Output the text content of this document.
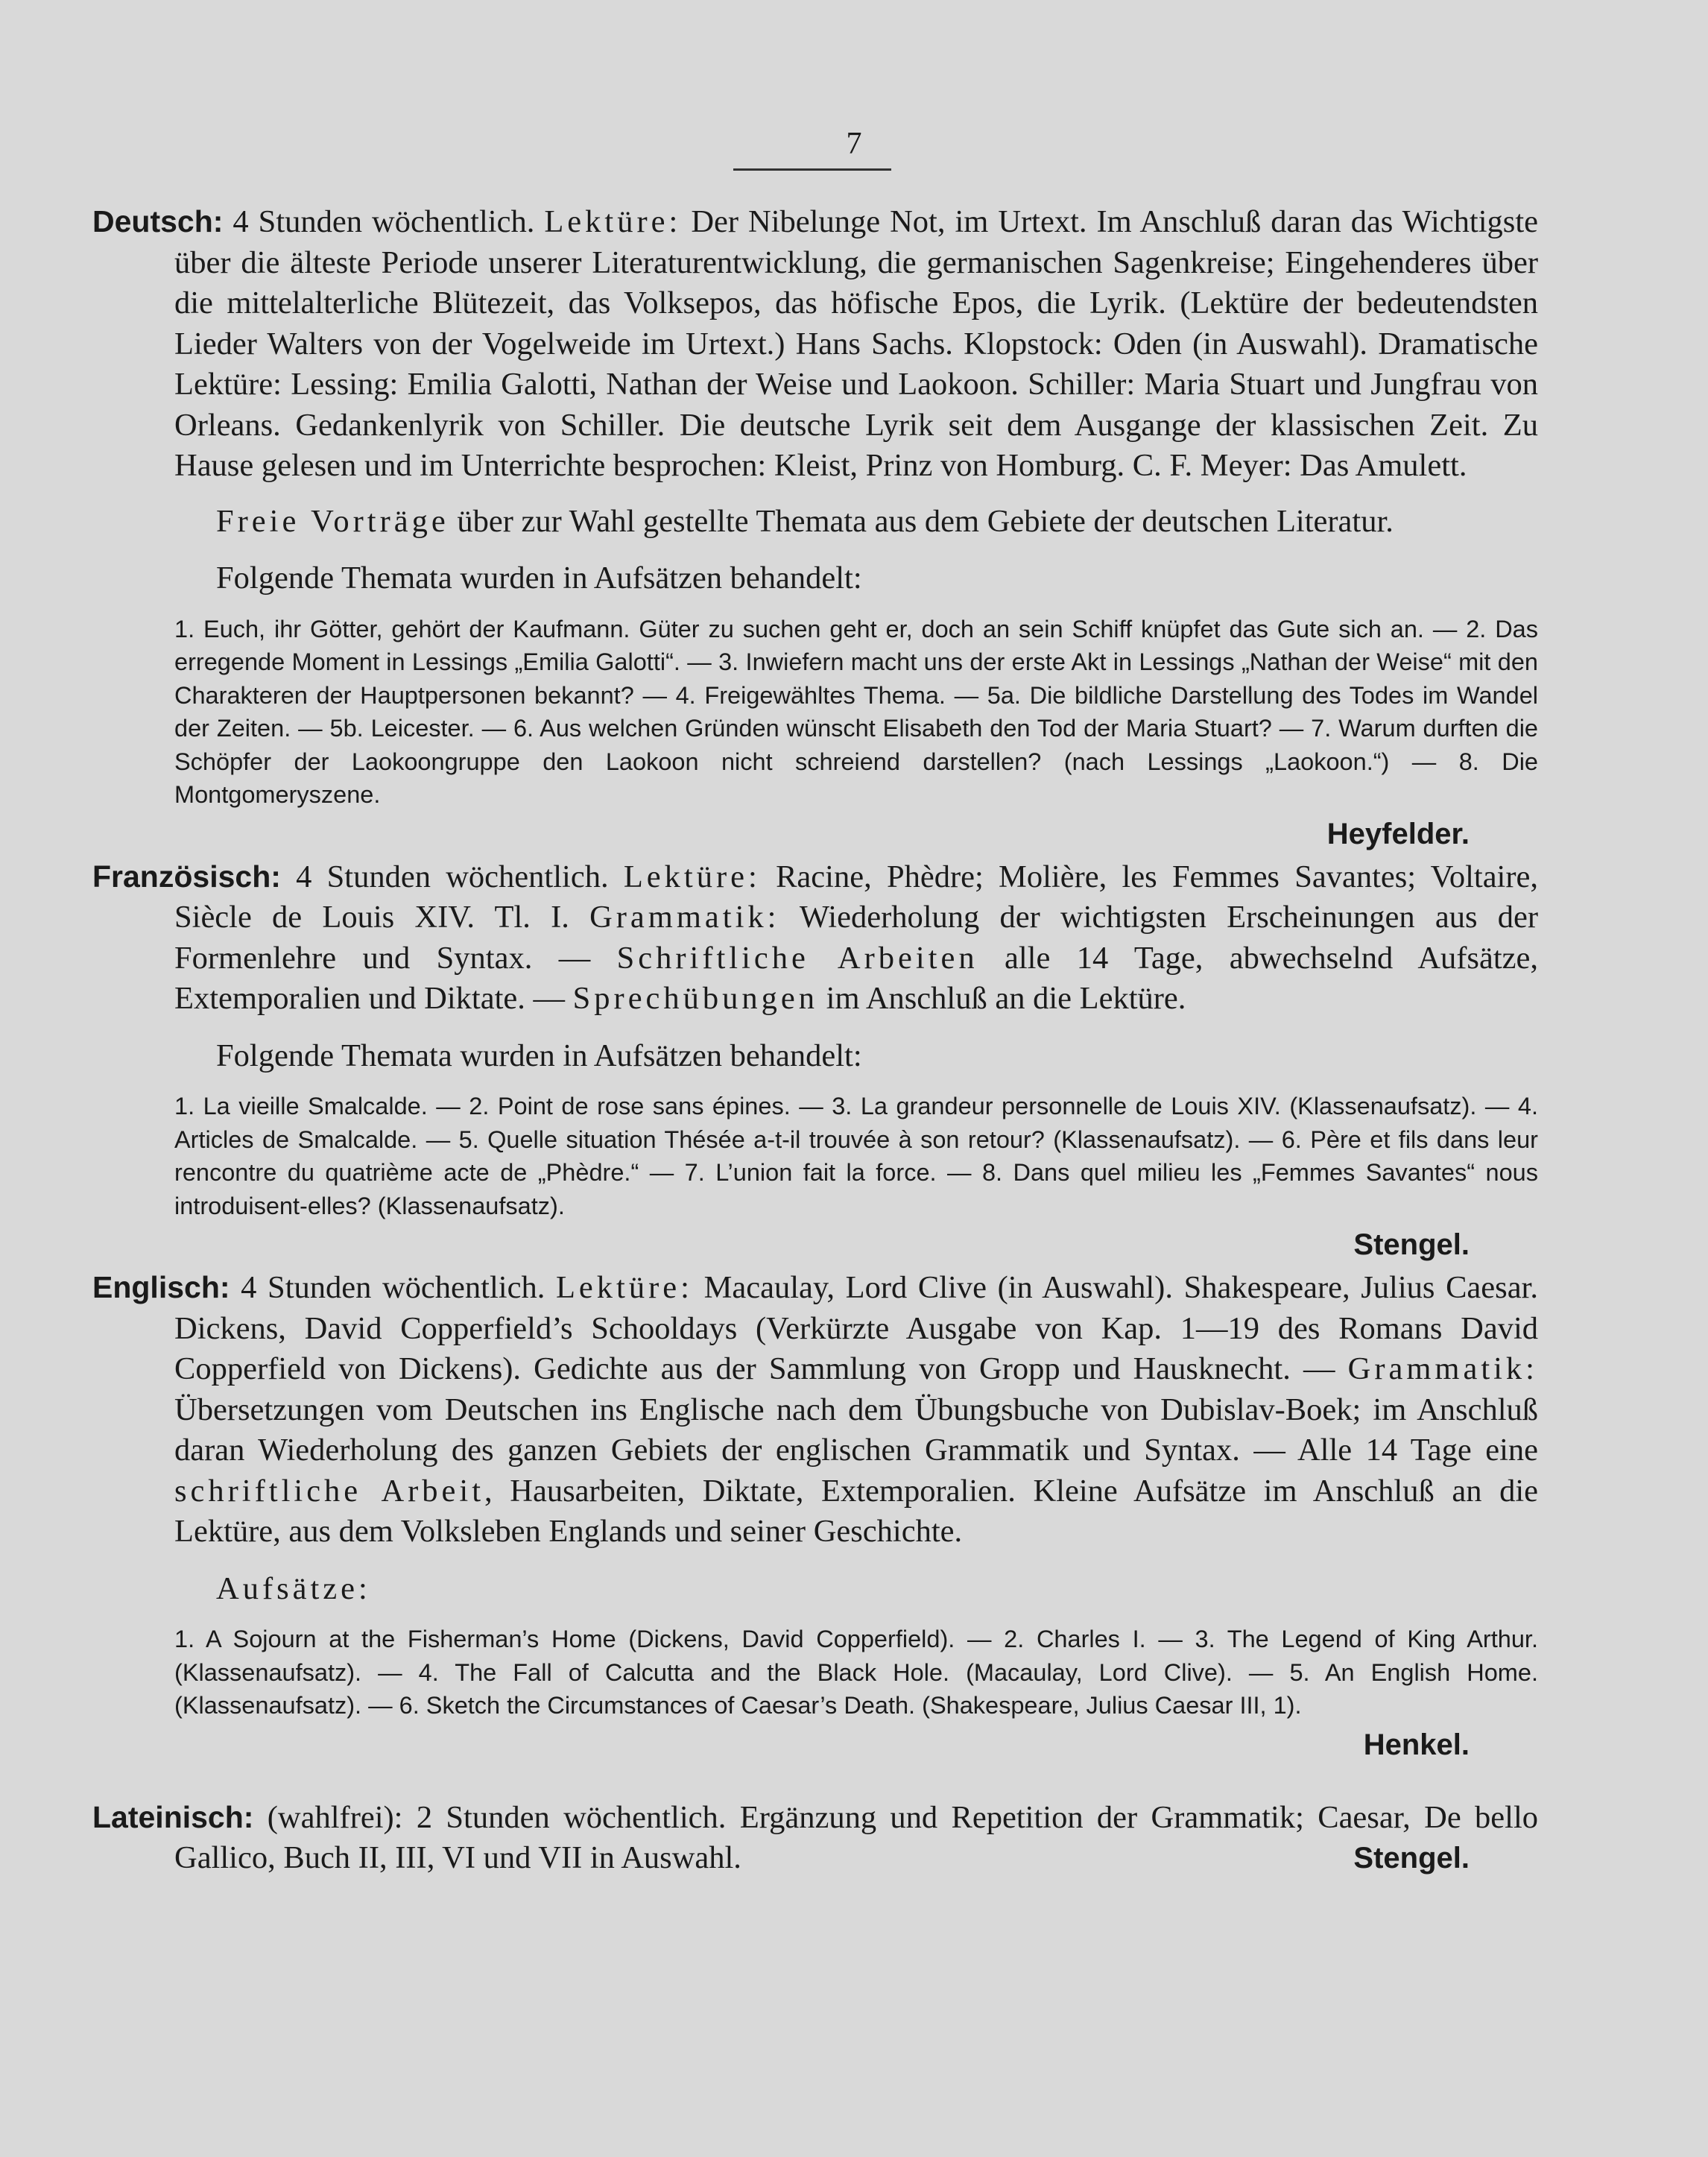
7

Deutsch: 4 Stunden wöchentlich. Lektüre: Der Nibelunge Not, im Urtext. Im Anschluß daran das Wichtigste über die älteste Periode unserer Literaturentwicklung, die germanischen Sagenkreise; Eingehenderes über die mittelalterliche Blütezeit, das Volksepos, das höfische Epos, die Lyrik. (Lektüre der bedeutendsten Lieder Walters von der Vogelweide im Urtext.) Hans Sachs. Klopstock: Oden (in Auswahl). Dramatische Lektüre: Lessing: Emilia Galotti, Nathan der Weise und Laokoon. Schiller: Maria Stuart und Jungfrau von Orleans. Gedankenlyrik von Schiller. Die deutsche Lyrik seit dem Ausgange der klassischen Zeit. Zu Hause gelesen und im Unterrichte besprochen: Kleist, Prinz von Homburg. C. F. Meyer: Das Amulett.

Freie Vorträge über zur Wahl gestellte Themata aus dem Gebiete der deutschen Literatur.

Folgende Themata wurden in Aufsätzen behandelt:

1. Euch, ihr Götter, gehört der Kaufmann. Güter zu suchen geht er, doch an sein Schiff knüpfet das Gute sich an. — 2. Das erregende Moment in Lessings „Emilia Galotti“. — 3. Inwiefern macht uns der erste Akt in Lessings „Nathan der Weise“ mit den Charakteren der Hauptpersonen bekannt? — 4. Freigewähltes Thema. — 5a. Die bildliche Darstellung des Todes im Wandel der Zeiten. — 5b. Leicester. — 6. Aus welchen Gründen wünscht Elisabeth den Tod der Maria Stuart? — 7. Warum durften die Schöpfer der Laokoongruppe den Laokoon nicht schreiend darstellen? (nach Lessings „Laokoon.“) — 8. Die Montgomeryszene.

Heyfelder.

Französisch: 4 Stunden wöchentlich. Lektüre: Racine, Phèdre; Molière, les Femmes Savantes; Voltaire, Siècle de Louis XIV. Tl. I. Grammatik: Wiederholung der wichtigsten Erscheinungen aus der Formenlehre und Syntax. — Schriftliche Arbeiten alle 14 Tage, abwechselnd Aufsätze, Extemporalien und Diktate. — Sprechübungen im Anschluß an die Lektüre.

Folgende Themata wurden in Aufsätzen behandelt:

1. La vieille Smalcalde. — 2. Point de rose sans épines. — 3. La grandeur personnelle de Louis XIV. (Klassenaufsatz). — 4. Articles de Smalcalde. — 5. Quelle situation Thésée a-t-il trouvée à son retour? (Klassenaufsatz). — 6. Père et fils dans leur rencontre du quatrième acte de „Phèdre.“ — 7. L’union fait la force. — 8. Dans quel milieu les „Femmes Savantes“ nous introduisent-elles? (Klassenaufsatz).

Stengel.

Englisch: 4 Stunden wöchentlich. Lektüre: Macaulay, Lord Clive (in Auswahl). Shakespeare, Julius Caesar. Dickens, David Copperfield’s Schooldays (Verkürzte Ausgabe von Kap. 1—19 des Romans David Copperfield von Dickens). Gedichte aus der Sammlung von Gropp und Hausknecht. — Grammatik: Übersetzungen vom Deutschen ins Englische nach dem Übungsbuche von Dubislav-Boek; im Anschluß daran Wiederholung des ganzen Gebiets der englischen Grammatik und Syntax. — Alle 14 Tage eine schriftliche Arbeit, Hausarbeiten, Diktate, Extemporalien. Kleine Aufsätze im Anschluß an die Lektüre, aus dem Volksleben Englands und seiner Geschichte.

Aufsätze:

1. A Sojourn at the Fisherman’s Home (Dickens, David Copperfield). — 2. Charles I. — 3. The Legend of King Arthur. (Klassenaufsatz). — 4. The Fall of Calcutta and the Black Hole. (Macaulay, Lord Clive). — 5. An English Home. (Klassenaufsatz). — 6. Sketch the Circumstances of Caesar’s Death. (Shakespeare, Julius Caesar III, 1).

Henkel.

Lateinisch: (wahlfrei): 2 Stunden wöchentlich. Ergänzung und Repetition der Grammatik; Caesar, De bello Gallico, Buch II, III, VI und VII in Auswahl.	Stengel.
